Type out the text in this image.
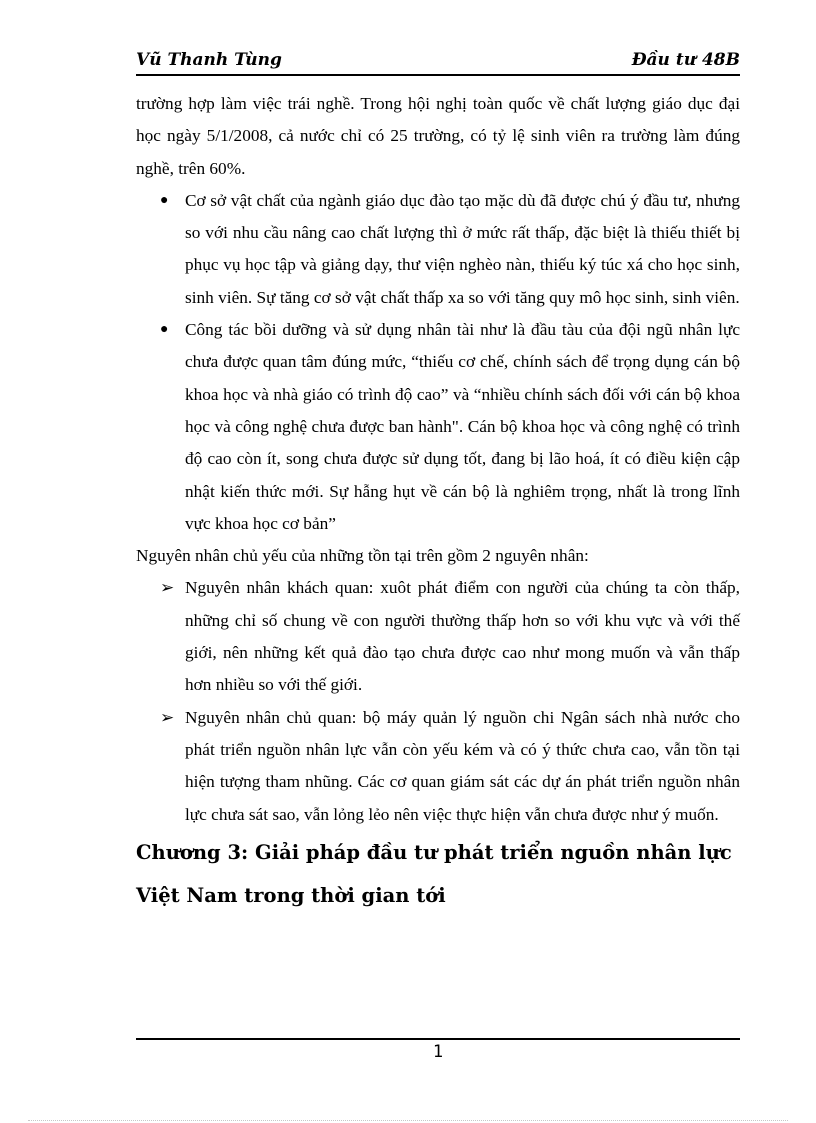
Vũ Thanh Tùng	Đầu tư 48B

trường hợp làm việc trái nghề. Trong hội nghị toàn quốc về chất lượng giáo dục đại học ngày 5/1/2008, cả nước chỉ có 25 trường, có tỷ lệ sinh viên ra trường làm đúng nghề, trên 60%.

● Cơ sở vật chất của ngành giáo dục đào tạo mặc dù đã được chú ý đầu tư, nhưng so với nhu cầu nâng cao chất lượng thì ở mức rất thấp, đặc biệt là thiếu thiết bị phục vụ học tập và giảng dạy, thư viện nghèo nàn, thiếu ký túc xá cho học sinh, sinh viên. Sự tăng cơ sở vật chất thấp xa so với tăng quy mô học sinh, sinh viên.

● Công tác bồi dưỡng và sử dụng nhân tài như là đầu tàu của đội ngũ nhân lực chưa được quan tâm đúng mức, “thiếu cơ chế, chính sách để trọng dụng cán bộ khoa học và nhà giáo có trình độ cao” và “nhiều chính sách đối với cán bộ khoa học và công nghệ chưa được ban hành". Cán bộ khoa học và công nghệ có trình độ cao còn ít, song chưa được sử dụng tốt, đang bị lão hoá, ít có điều kiện cập nhật kiến thức mới. Sự hẫng hụt về cán bộ là nghiêm trọng, nhất là trong lĩnh vực khoa học cơ bản”

Nguyên nhân chủ yếu của những tồn tại trên gồm 2 nguyên nhân:

➢ Nguyên nhân khách quan: xuôt phát điểm con người của chúng ta còn thấp, những chỉ số chung về con người thường thấp hơn so với khu vực và với thế giới, nên những kết quả đào tạo chưa được cao như mong muốn và vẫn thấp hơn nhiều so với thế giới.

➢ Nguyên nhân chủ quan: bộ máy quản lý nguồn chi Ngân sách nhà nước cho phát triển nguồn nhân lực vẫn còn yếu kém và có ý thức chưa cao, vẫn tồn tại hiện tượng tham nhũng. Các cơ quan giám sát các dự án phát triển nguồn nhân lực chưa sát sao, vẫn lỏng lẻo nên việc thực hiện vẫn chưa được như ý muốn.

Chương 3: Giải pháp đầu tư phát triển nguồn nhân lực Việt Nam trong thời gian tới

1
